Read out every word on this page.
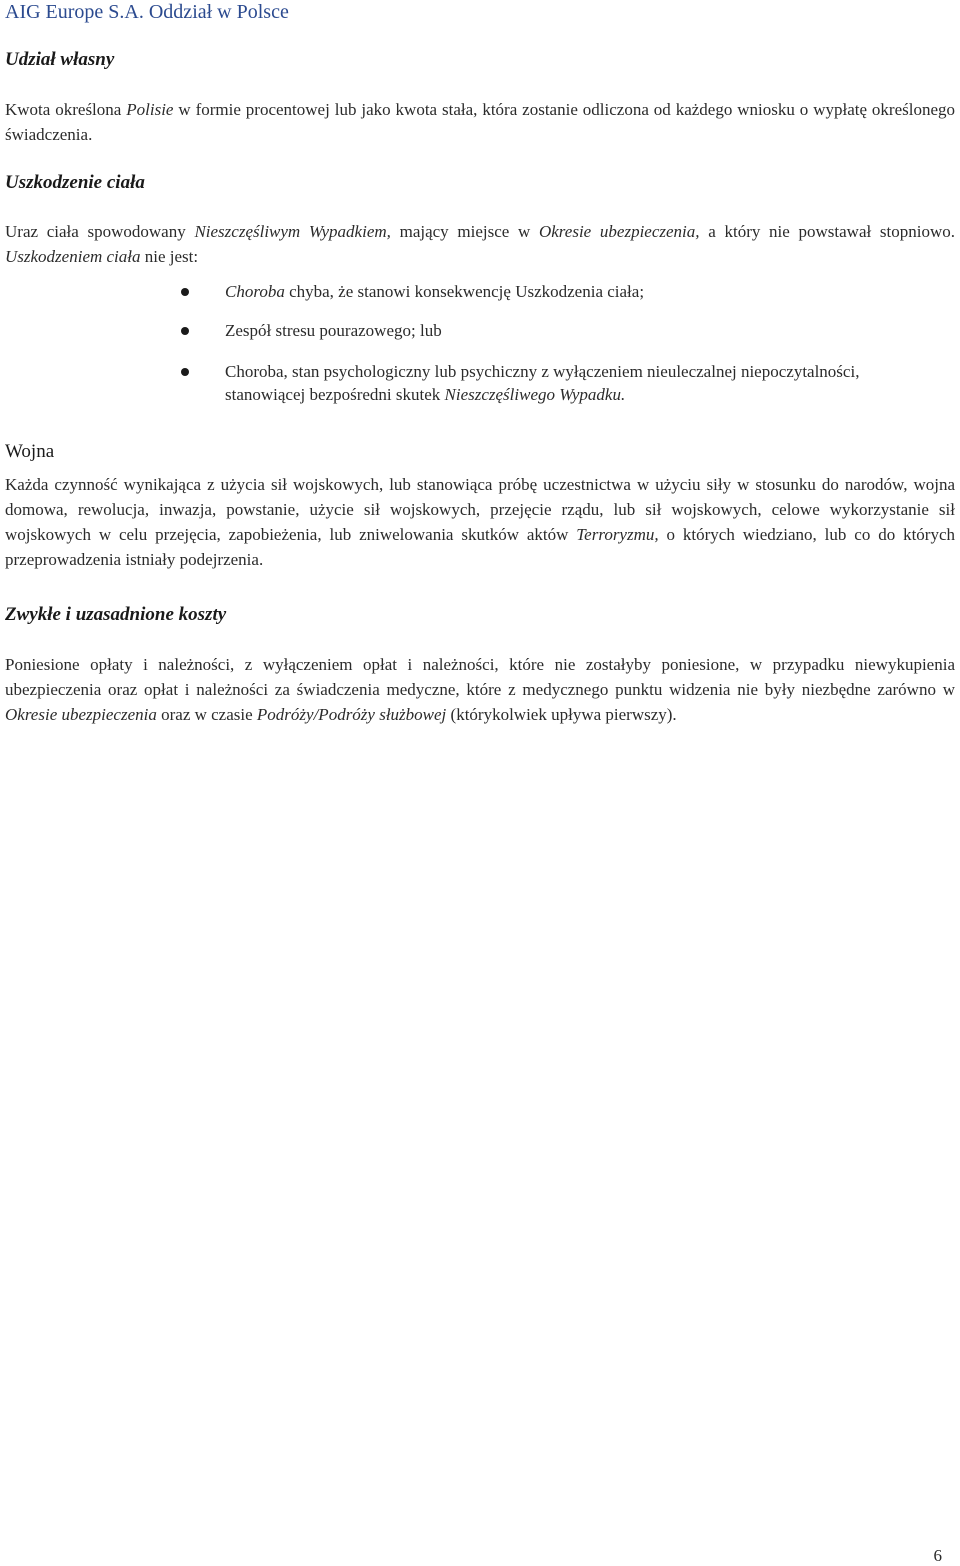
AIG Europe S.A. Oddział w Polsce
Udział własny
Kwota określona Polisie w formie procentowej lub jako kwota stała, która zostanie odliczona od każdego wniosku o wypłatę określonego świadczenia.
Uszkodzenie ciała
Uraz ciała spowodowany Nieszczęśliwym Wypadkiem, mający miejsce w Okresie ubezpieczenia, a który nie powstawał stopniowo. Uszkodzeniem ciała nie jest:
Choroba chyba, że stanowi konsekwencję Uszkodzenia ciała;
Zespół stresu pourazowego; lub
Choroba, stan psychologiczny lub psychiczny z wyłączeniem nieuleczalnej niepoczytalności, stanowiącej bezpośredni skutek Nieszczęśliwego Wypadku.
Wojna
Każda czynność wynikająca z użycia sił wojskowych, lub stanowiąca próbę uczestnictwa w użyciu siły w stosunku do narodów, wojna domowa, rewolucja, inwazja, powstanie, użycie sił wojskowych, przejęcie rządu, lub sił wojskowych, celowe wykorzystanie sił wojskowych w celu przejęcia, zapobieżenia, lub zniwelowania skutków aktów Terroryzmu, o których wiedziano, lub co do których przeprowadzenia istniały podejrzenia.
Zwykłe i uzasadnione koszty
Poniesione opłaty i należności, z wyłączeniem opłat i należności, które nie zostałyby poniesione, w przypadku niewykupienia ubezpieczenia oraz opłat i należności za świadczenia medyczne, które z medycznego punktu widzenia nie były niezbędne zarówno w Okresie ubezpieczenia oraz w czasie Podróży/Podróży służbowej (którykolwiek upływa pierwszy).
6
